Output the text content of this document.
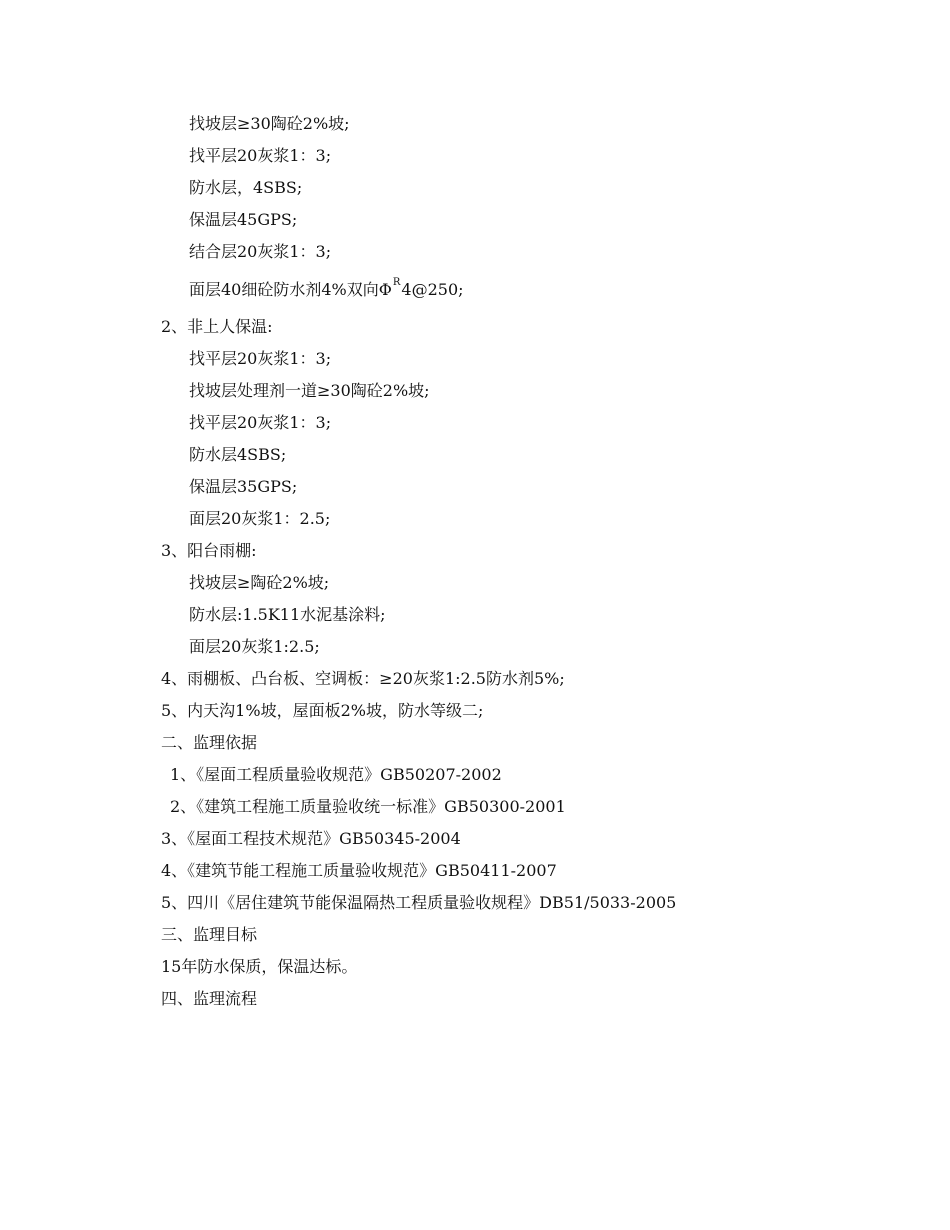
找坡层≥30陶砼2%坡;
找平层20灰浆1：3;
防水层，4SBS;
保温层45GPS;
结合层20灰浆1：3;
面层40细砼防水剂4%双向$\Phi^R4@250$;
2、非上人保温:
找平层20灰浆1：3;
找坡层处理剂一道≥30陶砼2%坡;
找平层20灰浆1：3;
防水层4SBS;
保温层35GPS;
面层20灰浆1：2.5;
3、阳台雨棚:
找坡层≥陶砼2%坡;
防水层:1.5K11水泥基涂料;
面层20灰浆1:2.5;
4、雨棚板、凸台板、空调板：≥20灰浆1:2.5防水剂5%;
5、内天沟1%坡，屋面板2%坡，防水等级二;
二、监理依据
1、《屋面工程质量验收规范》GB50207-2002
2、《建筑工程施工质量验收统一标准》GB50300-2001
3、《屋面工程技术规范》GB50345-2004
4、《建筑节能工程施工质量验收规范》GB50411-2007
5、四川《居住建筑节能保温隔热工程质量验收规程》DB51/5033-2005
三、监理目标
15年防水保质，保温达标。
四、监理流程
